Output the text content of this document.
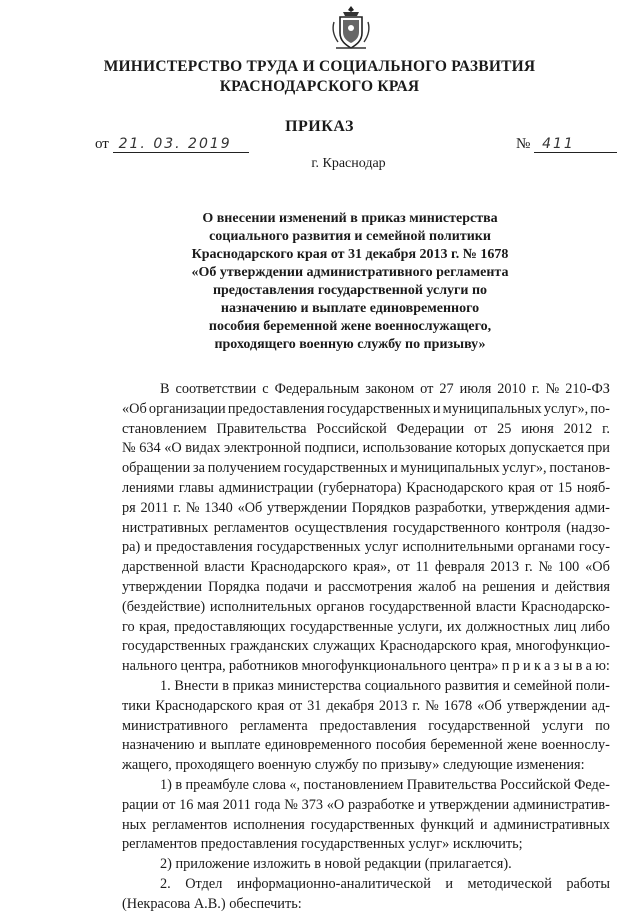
МИНИСТЕРСТВО ТРУДА И СОЦИАЛЬНОГО РАЗВИТИЯ
КРАСНОДАРСКОГО КРАЯ
ПРИКАЗ
от 21. 03. 2019	№ 411
г. Краснодар
О внесении изменений в приказ министерства
социального развития и семейной политики
Краснодарского края от 31 декабря 2013 г. № 1678
«Об утверждении административного регламента
предоставления государственной услуги по
назначению и выплате единовременного
пособия беременной жене военнослужащего,
проходящего военную службу по призыву»
В соответствии с Федеральным законом от 27 июля 2010 г. № 210-ФЗ
«Об организации предоставления государственных и муниципальных услуг», по-
становлением Правительства Российской Федерации от 25 июня 2012 г.
№ 634 «О видах электронной подписи, использование которых допускается при
обращении за получением государственных и муниципальных услуг», постанов-
лениями главы администрации (губернатора) Краснодарского края от 15 нояб-
ря 2011 г. № 1340 «Об утверждении Порядков разработки, утверждения адми-
нистративных регламентов осуществления государственного контроля (надзо-
ра) и предоставления государственных услуг исполнительными органами госу-
дарственной власти Краснодарского края», от 11 февраля 2013 г. № 100 «Об
утверждении Порядка подачи и рассмотрения жалоб на решения и действия
(бездействие) исполнительных органов государственной власти Краснодарско-
го края, предоставляющих государственные услуги, их должностных лиц либо
государственных гражданских служащих Краснодарского края, многофункцио-
нального центра, работников многофункционального центра» п р и к а з ы в а ю:
1. Внести в приказ министерства социального развития и семейной поли-
тики Краснодарского края от 31 декабря 2013 г. № 1678 «Об утверждении ад-
министративного регламента предоставления государственной услуги по
назначению и выплате единовременного пособия беременной жене военнослу-
жащего, проходящего военную службу по призыву» следующие изменения:
1) в преамбуле слова «, постановлением Правительства Российской Феде-
рации от 16 мая 2011 года № 373 «О разработке и утверждении административ-
ных регламентов исполнения государственных функций и административных
регламентов предоставления государственных услуг» исключить;
2) приложение изложить в новой редакции (прилагается).
2. Отдел информационно-аналитической и методической работы
(Некрасова А.В.) обеспечить:
